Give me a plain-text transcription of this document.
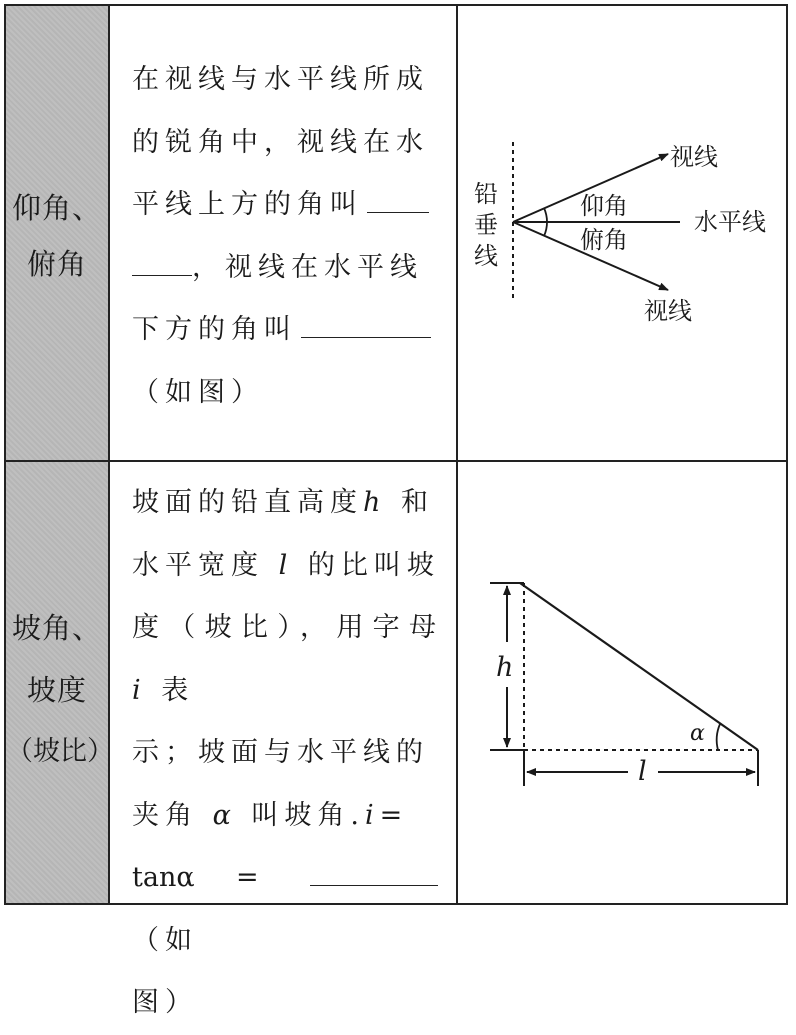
仰角、
俯角
在视线与水平线所成
的锐角中，视线在水
平线上方的角叫
，视线在水平线
下方的角叫
（如图）
铅
垂
线
视线
视线
水平线
仰角
俯角
坡角、
坡度
（坡比）
坡面的铅直高度h 和
水平宽度 l 的比叫坡
度（坡比），用字母 i 表
示；坡面与水平线的
夹角 α 叫坡角.i=
tanα = （如
图）
h
l
α
